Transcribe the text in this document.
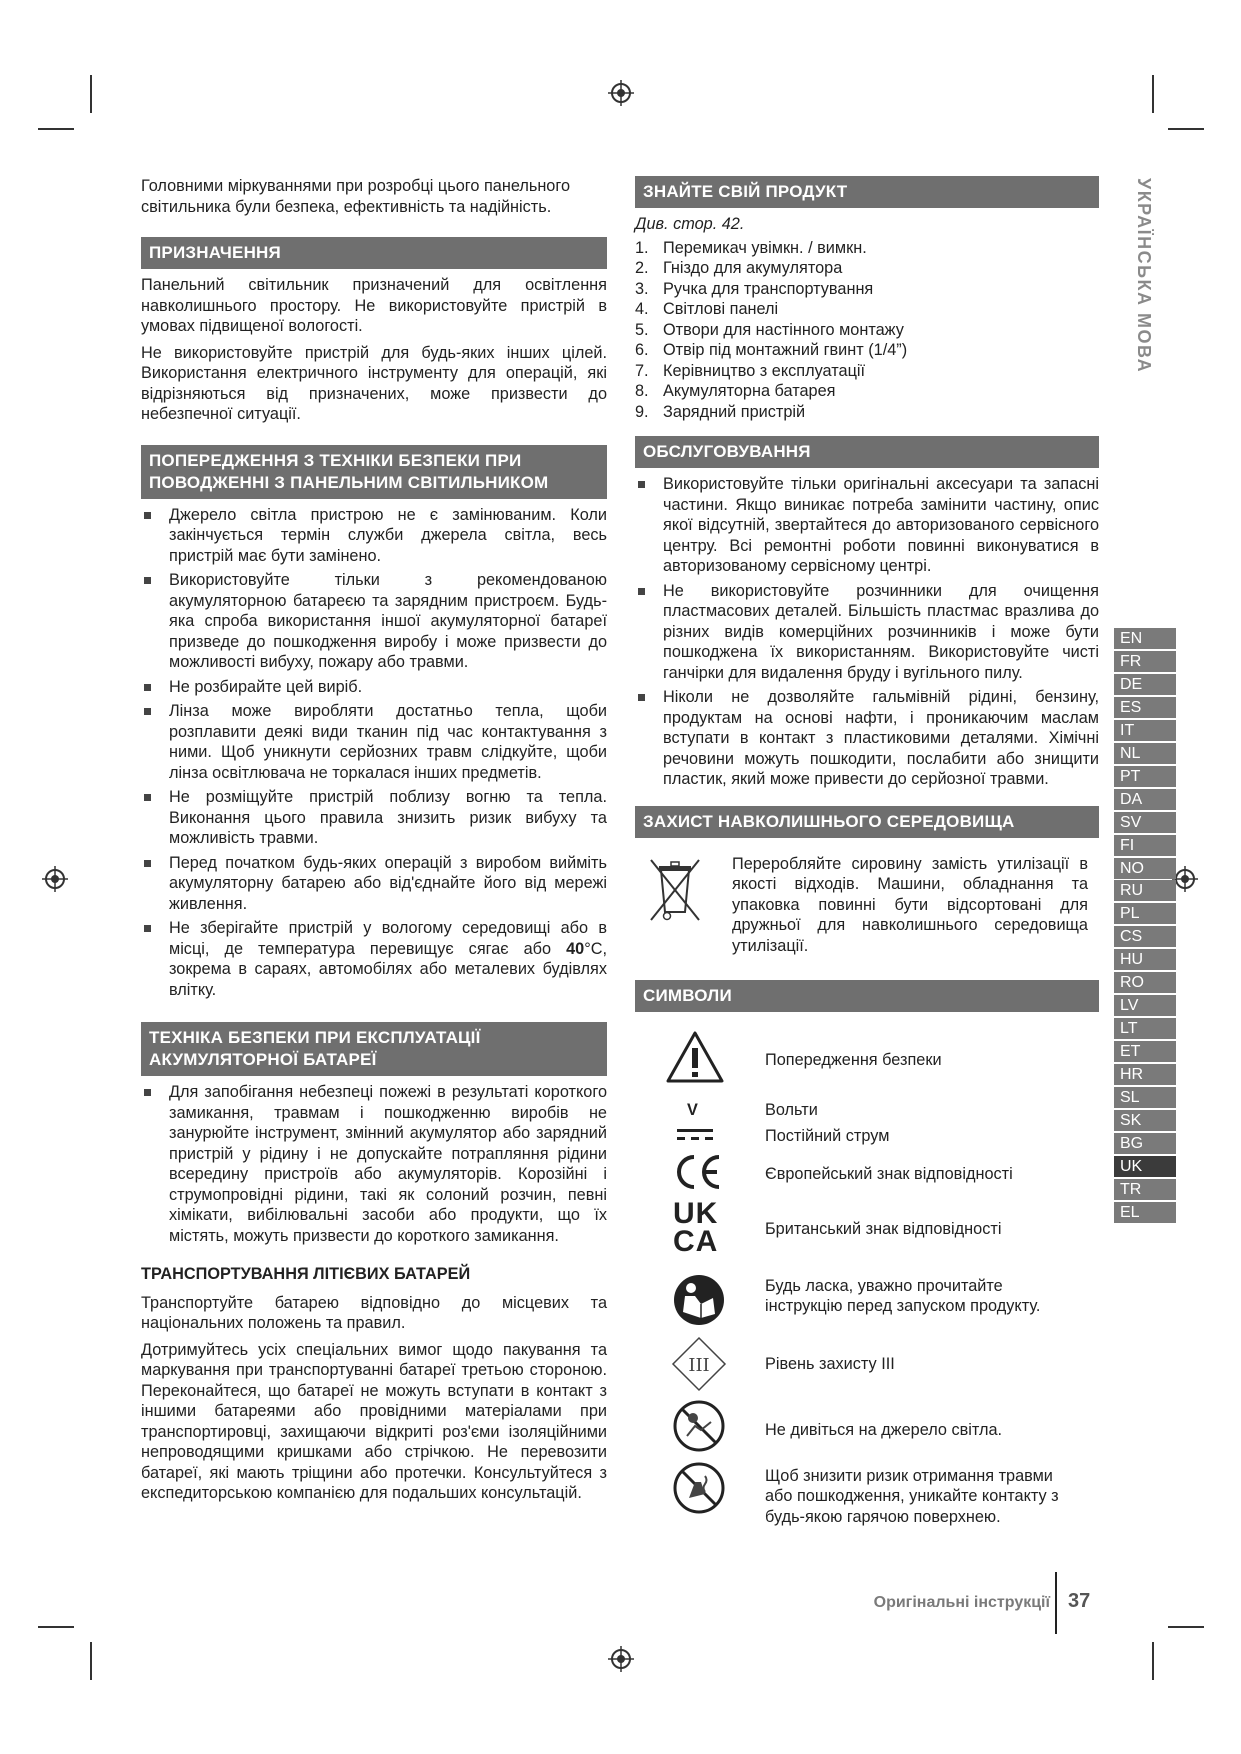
Головними міркуваннями при розробці цього панельного світильника були безпека, ефективність та надійність.

ПРИЗНАЧЕННЯ

Панельний світильник призначений для освітлення навколишнього простору. Не використовуйте пристрій в умовах підвищеної вологості.

Не використовуйте пристрій для будь-яких інших цілей. Використання електричного інструменту для операцій, які відрізняються від призначених, може призвести до небезпечної ситуації.

ПОПЕРЕДЖЕННЯ З ТЕХНІКИ БЕЗПЕКИ ПРИ
ПОВОДЖЕННІ З ПАНЕЛЬНИМ СВІТИЛЬНИКОМ
Джерело світла пристрою не є замінюваним. Коли закінчується термін служби джерела світла, весь пристрій має бути замінено.
Використовуйте тільки з рекомендованою акумуляторною батареєю та зарядним пристроєм. Будь-яка спроба використання іншої акумуляторної батареї призведе до пошкодження виробу і може призвести до можливості вибуху, пожару або травми.
Не розбирайте цей виріб.
Лінза може виробляти достатньо тепла, щоби розплавити деякі види тканин під час контактування з ними. Щоб уникнути серйозних травм слідкуйте, щоби лінза освітлювача не торкалася інших предметів.
Не розміщуйте пристрій поблизу вогню та тепла. Виконання цього правила знизить ризик вибуху та можливість травми.
Перед початком будь-яких операцій з виробом вийміть акумуляторну батарею або від'єднайте його від мережі живлення.
Не зберігайте пристрій у вологому середовищі або в місці, де температура перевищує сягає або 40°C, зокрема в сараях, автомобілях або металевих будівлях влітку.
ТЕХНІКА БЕЗПЕКИ ПРИ ЕКСПЛУАТАЦІЇ
АКУМУЛЯТОРНОЇ БАТАРЕЇ
Для запобігання небезпеці пожежі в результаті короткого замикання, травмам і пошкодженню виробів не занурюйте інструмент, змінний акумулятор або зарядний пристрій у рідину і не допускайте потрапляння рідини всередину пристроїв або акумуляторів. Корозійні і струмопровідні рідини, такі як солоний розчин, певні хімікати, вибілювальні засоби або продукти, що їх містять, можуть призвести до короткого замикання.
ТРАНСПОРТУВАННЯ ЛІТІЄВИХ БАТАРЕЙ

Транспортуйте батарею відповідно до місцевих та національних положень та правил.

Дотримуйтесь усіх спеціальних вимог щодо пакування та маркування при транспортуванні батареї третьою стороною. Переконайтеся, що батареї не можуть вступати в контакт з іншими батареями або провідними матеріалами при транспортировці, захищаючи відкриті роз'єми ізоляційними непроводящими кришками або стрічкою. Не перевозити батареї, які мають тріщини або протечки. Консультуйтеся з експедиторською компанією для подальших консультацій.

ЗНАЙТЕ СВІЙ ПРОДУКТ
Див. стор. 42.
1. Перемикач увімкн. / вимкн.
2. Гніздо для акумулятора
3. Ручка для транспортування
4. Світлові панелі
5. Отвори для настінного монтажу
6. Отвір під монтажний гвинт (1/4”)
7. Керівництво з експлуатації
8. Акумуляторна батарея
9. Зарядний пристрій
ОБСЛУГОВУВАННЯ
Використовуйте тільки оригінальні аксесуари та запасні частини. Якщо виникає потреба замінити частину, опис якої відсутній, звертайтеся до авторизованого сервісного центру. Всі ремонтні роботи повинні виконуватися в авторизованому сервісному центрі.
Не використовуйте розчинники для очищення пластмасових деталей. Більшість пластмас вразлива до різних видів комерційних розчинників і може бути пошкоджена їх використанням. Використовуйте чисті ганчірки для видалення бруду і вугільного пилу.
Ніколи не дозволяйте гальмівній рідині, бензину, продуктам на основі нафти, і проникаючим маслам вступати в контакт з пластиковими деталями. Хімічні речовини можуть пошкодити, послабити або знищити пластик, який може привести до серйозної травми.
ЗАХИСТ НАВКОЛИШНЬОГО СЕРЕДОВИЩА

Переробляйте сировину замість утилізації в якості відходів. Машини, обладнання та упаковка повинні бути відсортовані для дружньої для навколишнього середовища утилізації.

СИМВОЛИ
Попередження безпеки
V	Вольти
Постійний струм
Європейський знак відповідності
UK
CA	Британський знак відповідності
Будь ласка, уважно прочитайте
інструкцію перед запуском продукту.
III	Рівень захисту III
Не дивіться на джерело світла.
Щоб знизити ризик отримання травми
або пошкодження, уникайте контакту з
будь-якою гарячою поверхнею.
УКРАЇНСЬКА МОВА
EN
FR
DE
ES
IT
NL
PT
DA
SV
FI
NO
RU
PL
CS
HU
RO
LV
LT
ET
HR
SL
SK
BG
UK
TR
EL
Оригінальні інструкції 37
